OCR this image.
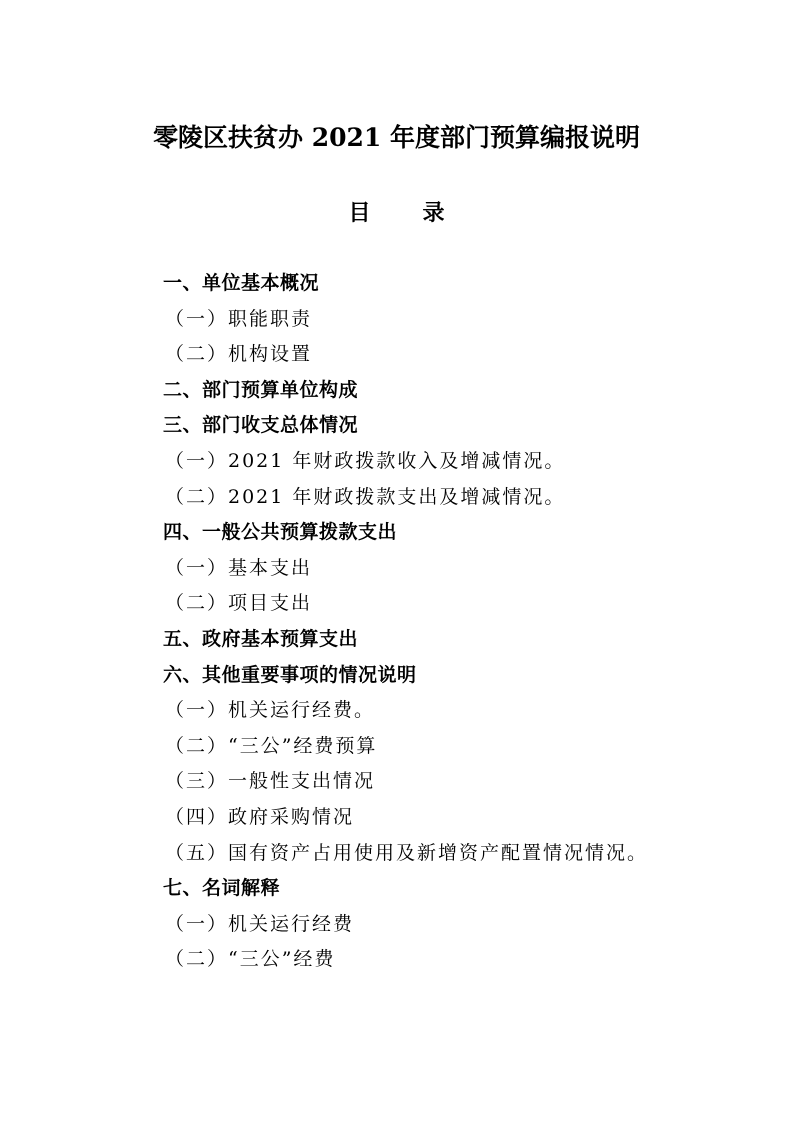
零陵区扶贫办 2021 年度部门预算编报说明
目 录
一、单位基本概况
（一）职能职责
（二）机构设置
二、部门预算单位构成
三、部门收支总体情况
（一）2021 年财政拨款收入及增减情况。
（二）2021 年财政拨款支出及增减情况。
四、一般公共预算拨款支出
（一）基本支出
（二）项目支出
五、政府基本预算支出
六、其他重要事项的情况说明
（一）机关运行经费。
（二）“三公”经费预算
（三）一般性支出情况
（四）政府采购情况
（五）国有资产占用使用及新增资产配置情况情况。
七、名词解释
（一）机关运行经费
（二）“三公”经费
